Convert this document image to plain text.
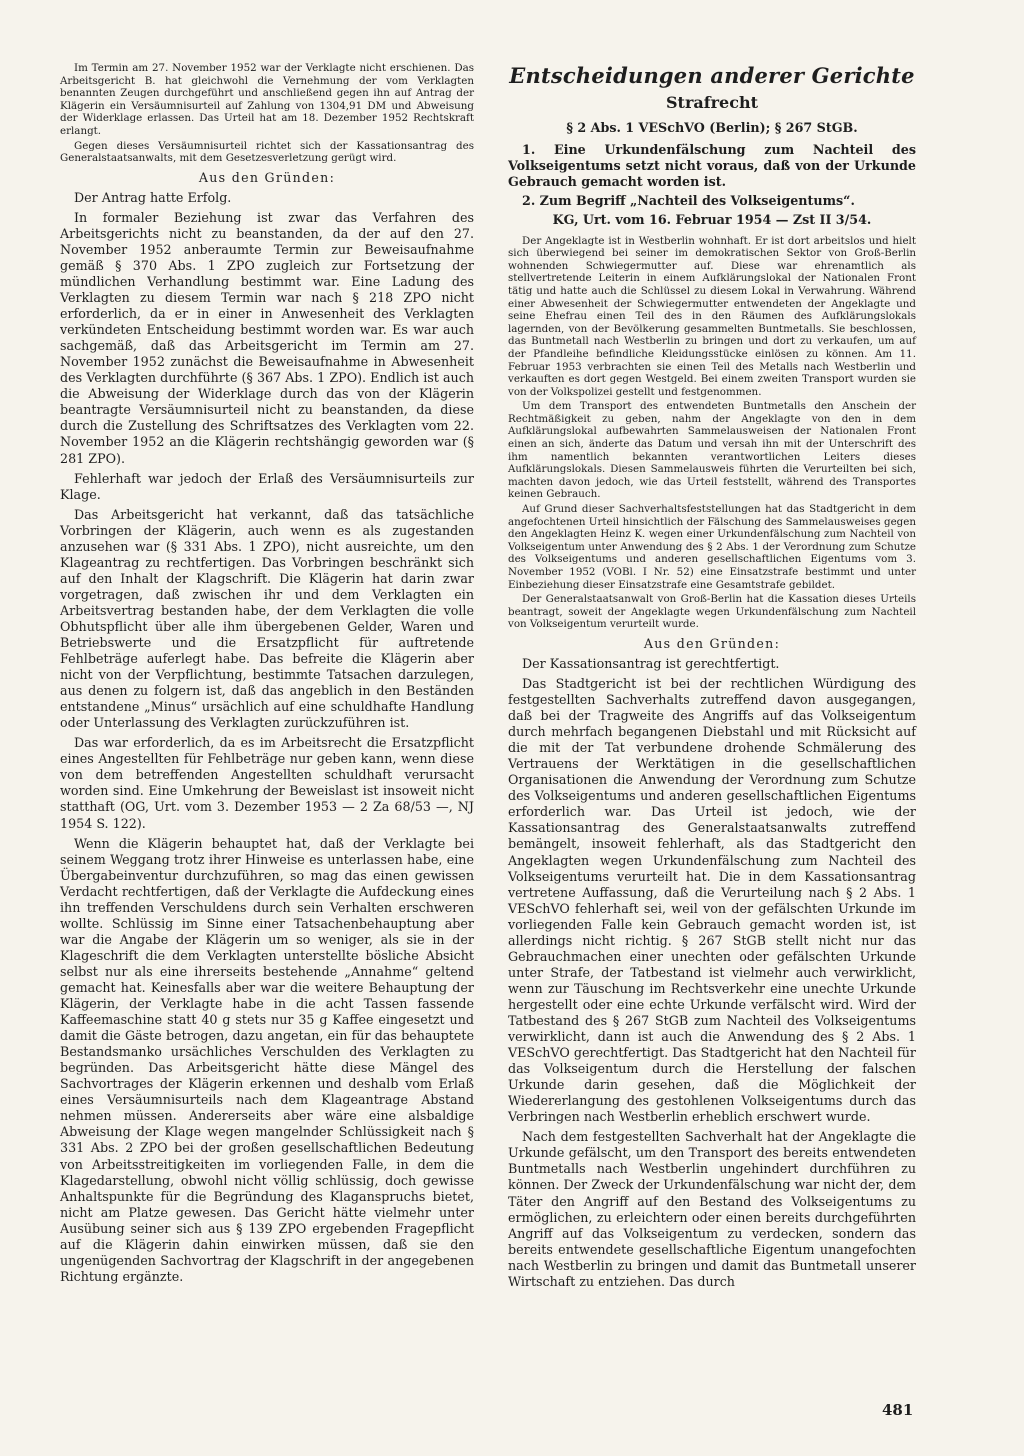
Im Termin am 27. November 1952 war der Verklagte nicht erschienen. Das Arbeitsgericht B. hat gleichwohl die Vernehmung der vom Verklagten benannten Zeugen durchgeführt und anschließend gegen ihn auf Antrag der Klägerin ein Versäumnisurteil auf Zahlung von 1304,91 DM und Abweisung der Widerklage erlassen. Das Urteil hat am 18. Dezember 1952 Rechtskraft erlangt.

Gegen dieses Versäumnisurteil richtet sich der Kassationsantrag des Generalstaatsanwalts, mit dem Gesetzesverletzung gerügt wird.

Aus den Gründen:

Der Antrag hatte Erfolg.

In formaler Beziehung ist zwar das Verfahren des Arbeitsgerichts nicht zu beanstanden, da der auf den 27. November 1952 anberaumte Termin zur Beweisaufnahme gemäß § 370 Abs. 1 ZPO zugleich zur Fortsetzung der mündlichen Verhandlung bestimmt war. Eine Ladung des Verklagten zu diesem Termin war nach § 218 ZPO nicht erforderlich, da er in einer in Anwesenheit des Verklagten verkündeten Entscheidung bestimmt worden war. Es war auch sachgemäß, daß das Arbeitsgericht im Termin am 27. November 1952 zunächst die Beweisaufnahme in Abwesenheit des Verklagten durchführte (§ 367 Abs. 1 ZPO). Endlich ist auch die Abweisung der Widerklage durch das von der Klägerin beantragte Versäumnisurteil nicht zu beanstanden, da diese durch die Zustellung des Schriftsatzes des Verklagten vom 22. November 1952 an die Klägerin rechtshängig geworden war (§ 281 ZPO).

Fehlerhaft war jedoch der Erlaß des Versäumnisurteils zur Klage.

Das Arbeitsgericht hat verkannt, daß das tatsächliche Vorbringen der Klägerin, auch wenn es als zugestanden anzusehen war (§ 331 Abs. 1 ZPO), nicht ausreichte, um den Klageantrag zu rechtfertigen. Das Vorbringen beschränkt sich auf den Inhalt der Klagschrift. Die Klägerin hat darin zwar vorgetragen, daß zwischen ihr und dem Verklagten ein Arbeitsvertrag bestanden habe, der dem Verklagten die volle Obhutspflicht über alle ihm übergebenen Gelder, Waren und Betriebswerte und die Ersatzpflicht für auftretende Fehlbeträge auferlegt habe. Das befreite die Klägerin aber nicht von der Verpflichtung, bestimmte Tatsachen darzulegen, aus denen zu folgern ist, daß das angeblich in den Beständen entstandene „Minus“ ursächlich auf eine schuldhafte Handlung oder Unterlassung des Verklagten zurückzuführen ist.

Das war erforderlich, da es im Arbeitsrecht die Ersatzpflicht eines Angestellten für Fehlbeträge nur geben kann, wenn diese von dem betreffenden Angestellten schuldhaft verursacht worden sind. Eine Umkehrung der Beweislast ist insoweit nicht statthaft (OG, Urt. vom 3. Dezember 1953 — 2 Za 68/53 —, NJ 1954 S. 122).

Wenn die Klägerin behauptet hat, daß der Verklagte bei seinem Weggang trotz ihrer Hinweise es unterlassen habe, eine Übergabeinventur durchzuführen, so mag das einen gewissen Verdacht rechtfertigen, daß der Verklagte die Aufdeckung eines ihn treffenden Verschuldens durch sein Verhalten erschweren wollte. Schlüssig im Sinne einer Tatsachenbehauptung aber war die Angabe der Klägerin um so weniger, als sie in der Klageschrift die dem Verklagten unterstellte bösliche Absicht selbst nur als eine ihrerseits bestehende „Annahme“ geltend gemacht hat. Keinesfalls aber war die weitere Behauptung der Klägerin, der Verklagte habe in die acht Tassen fassende Kaffeemaschine statt 40 g stets nur 35 g Kaffee eingesetzt und damit die Gäste betrogen, dazu angetan, ein für das behauptete Bestandsmanko ursächliches Verschulden des Verklagten zu begründen. Das Arbeitsgericht hätte diese Mängel des Sachvortrages der Klägerin erkennen und deshalb vom Erlaß eines Versäumnisurteils nach dem Klageantrage Abstand nehmen müssen. Andererseits aber wäre eine alsbaldige Abweisung der Klage wegen mangelnder Schlüssigkeit nach § 331 Abs. 2 ZPO bei der großen gesellschaftlichen Bedeutung von Arbeitsstreitigkeiten im vorliegenden Falle, in dem die Klagedarstellung, obwohl nicht völlig schlüssig, doch gewisse Anhaltspunkte für die Begründung des Klaganspruchs bietet, nicht am Platze gewesen. Das Gericht hätte vielmehr unter Ausübung seiner sich aus § 139 ZPO ergebenden Fragepflicht auf die Klägerin dahin einwirken müssen, daß sie den ungenügenden Sachvortrag der Klagschrift in der angegebenen Richtung ergänzte.

Entscheidungen anderer Gerichte
Strafrecht

§ 2 Abs. 1 VESchVO (Berlin); § 267 StGB.

1. Eine Urkundenfälschung zum Nachteil des Volkseigentums setzt nicht voraus, daß von der Urkunde Gebrauch gemacht worden ist.

2. Zum Begriff „Nachteil des Volkseigentums“.

KG, Urt. vom 16. Februar 1954 — Zst II 3/54.

Der Angeklagte ist in Westberlin wohnhaft. Er ist dort arbeitslos und hielt sich überwiegend bei seiner im demokratischen Sektor von Groß-Berlin wohnenden Schwiegermutter auf. Diese war ehrenamtlich als stellvertretende Leiterin in einem Aufklärungslokal der Nationalen Front tätig und hatte auch die Schlüssel zu diesem Lokal in Verwahrung. Während einer Abwesenheit der Schwiegermutter entwendeten der Angeklagte und seine Ehefrau einen Teil des in den Räumen des Aufklärungslokals lagernden, von der Bevölkerung gesammelten Buntmetalls. Sie beschlossen, das Buntmetall nach Westberlin zu bringen und dort zu verkaufen, um auf der Pfandleihe befindliche Kleidungsstücke einlösen zu können. Am 11. Februar 1953 verbrachten sie einen Teil des Metalls nach Westberlin und verkauften es dort gegen Westgeld. Bei einem zweiten Transport wurden sie von der Volkspolizei gestellt und festgenommen.

Um dem Transport des entwendeten Buntmetalls den Anschein der Rechtmäßigkeit zu geben, nahm der Angeklagte von den in dem Aufklärungslokal aufbewahrten Sammelausweisen der Nationalen Front einen an sich, änderte das Datum und versah ihn mit der Unterschrift des ihm namentlich bekannten verantwortlichen Leiters dieses Aufklärungslokals. Diesen Sammelausweis führten die Verurteilten bei sich, machten davon jedoch, wie das Urteil feststellt, während des Transportes keinen Gebrauch.

Auf Grund dieser Sachverhaltsfeststellungen hat das Stadtgericht in dem angefochtenen Urteil hinsichtlich der Fälschung des Sammelausweises gegen den Angeklagten Heinz K. wegen einer Urkundenfälschung zum Nachteil von Volkseigentum unter Anwendung des § 2 Abs. 1 der Verordnung zum Schutze des Volkseigentums und anderen gesellschaftlichen Eigentums vom 3. November 1952 (VOBl. I Nr. 52) eine Einsatzstrafe bestimmt und unter Einbeziehung dieser Einsatzstrafe eine Gesamtstrafe gebildet.

Der Generalstaatsanwalt von Groß-Berlin hat die Kassation dieses Urteils beantragt, soweit der Angeklagte wegen Urkundenfälschung zum Nachteil von Volkseigentum verurteilt wurde.

Aus den Gründen:

Der Kassationsantrag ist gerechtfertigt.

Das Stadtgericht ist bei der rechtlichen Würdigung des festgestellten Sachverhalts zutreffend davon ausgegangen, daß bei der Tragweite des Angriffs auf das Volkseigentum durch mehrfach begangenen Diebstahl und mit Rücksicht auf die mit der Tat verbundene drohende Schmälerung des Vertrauens der Werktätigen in die gesellschaftlichen Organisationen die Anwendung der Verordnung zum Schutze des Volkseigentums und anderen gesellschaftlichen Eigentums erforderlich war. Das Urteil ist jedoch, wie der Kassationsantrag des Generalstaatsanwalts zutreffend bemängelt, insoweit fehlerhaft, als das Stadtgericht den Angeklagten wegen Urkundenfälschung zum Nachteil des Volkseigentums verurteilt hat. Die in dem Kassationsantrag vertretene Auffassung, daß die Verurteilung nach § 2 Abs. 1 VESchVO fehlerhaft sei, weil von der gefälschten Urkunde im vorliegenden Falle kein Gebrauch gemacht worden ist, ist allerdings nicht richtig. § 267 StGB stellt nicht nur das Gebrauchmachen einer unechten oder gefälschten Urkunde unter Strafe, der Tatbestand ist vielmehr auch verwirklicht, wenn zur Täuschung im Rechtsverkehr eine unechte Urkunde hergestellt oder eine echte Urkunde verfälscht wird. Wird der Tatbestand des § 267 StGB zum Nachteil des Volkseigentums verwirklicht, dann ist auch die Anwendung des § 2 Abs. 1 VESchVO gerechtfertigt. Das Stadtgericht hat den Nachteil für das Volkseigentum durch die Herstellung der falschen Urkunde darin gesehen, daß die Möglichkeit der Wiedererlangung des gestohlenen Volkseigentums durch das Verbringen nach Westberlin erheblich erschwert wurde.

Nach dem festgestellten Sachverhalt hat der Angeklagte die Urkunde gefälscht, um den Transport des bereits entwendeten Buntmetalls nach Westberlin ungehindert durchführen zu können. Der Zweck der Urkundenfälschung war nicht der, dem Täter den Angriff auf den Bestand des Volkseigentums zu ermöglichen, zu erleichtern oder einen bereits durchgeführten Angriff auf das Volkseigentum zu verdecken, sondern das bereits entwendete gesellschaftliche Eigentum unangefochten nach Westberlin zu bringen und damit das Buntmetall unserer Wirtschaft zu entziehen. Das durch

481
